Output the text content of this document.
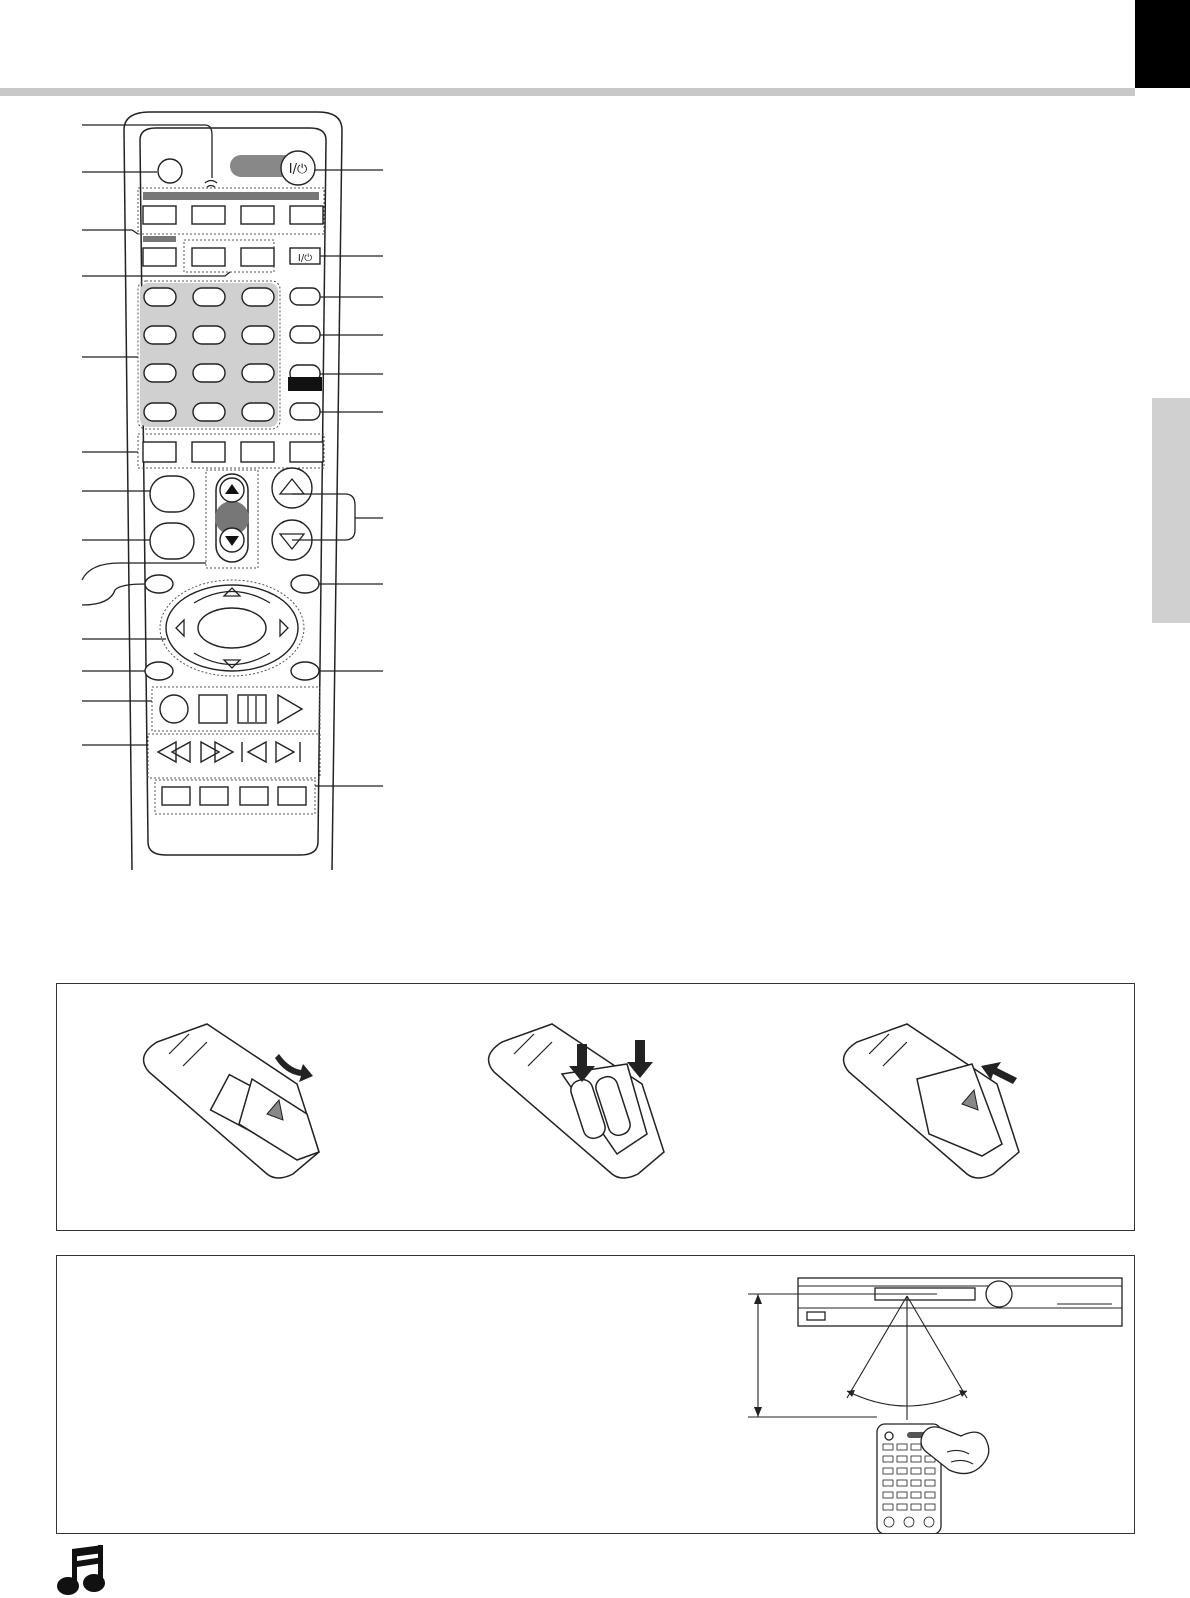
I/⏻
I/⏻
